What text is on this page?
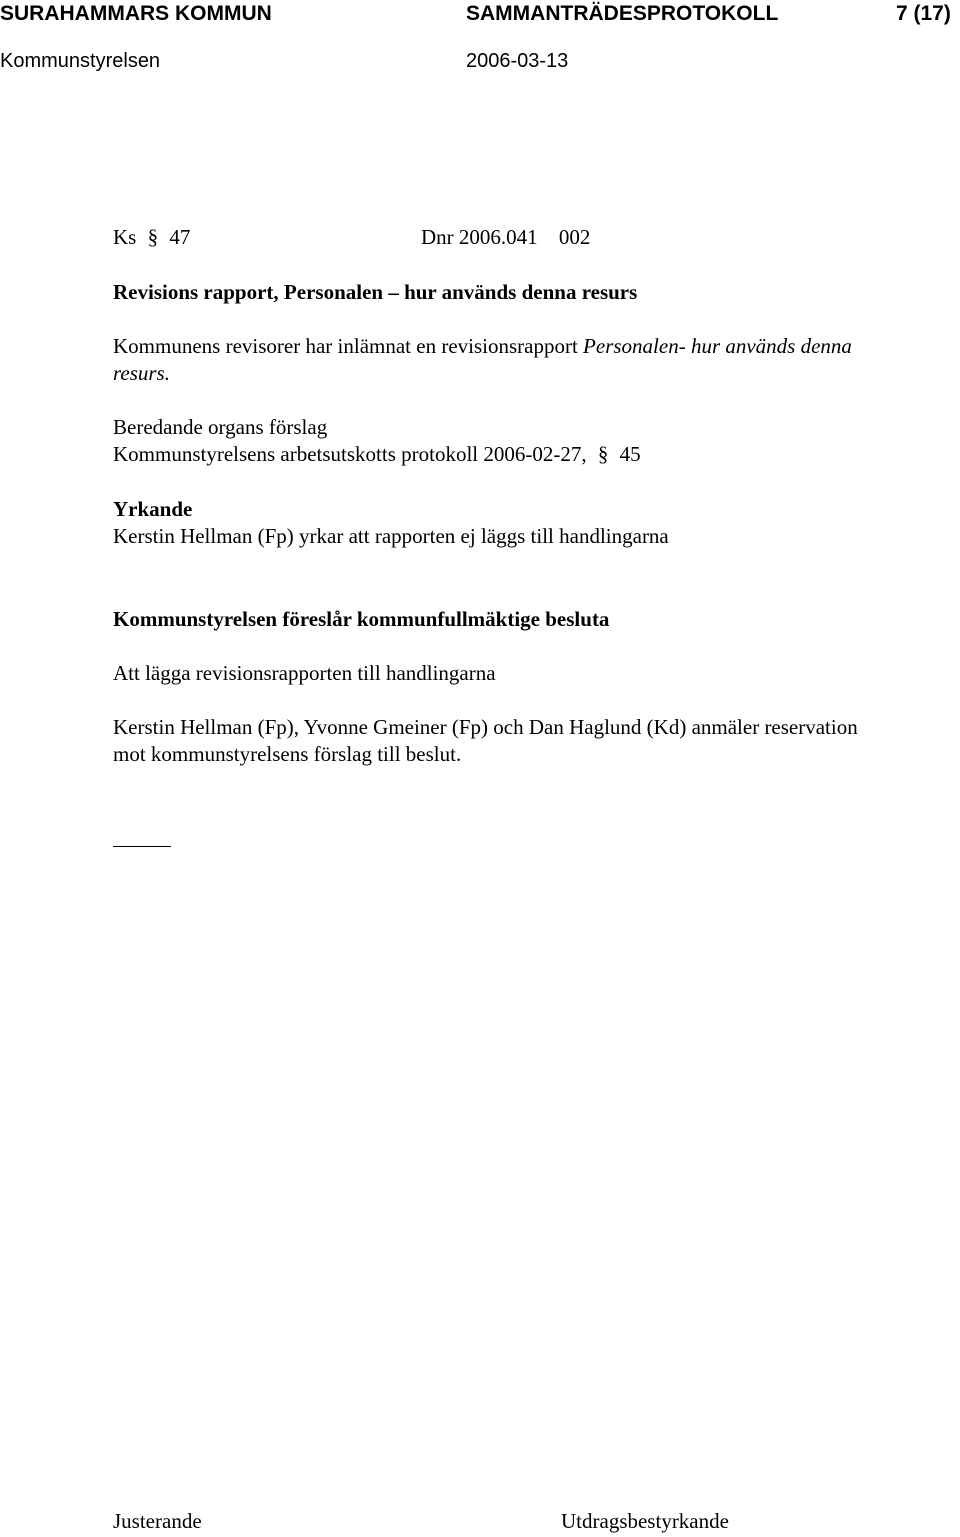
SURAHAMMARS KOMMUN	SAMMANTRÄDESPROTOKOLL	7 (17)
Kommunstyrelsen	2006-03-13
Ks § 47	Dnr 2006.041 002
Revisions rapport, Personalen – hur används denna resurs
Kommunens revisorer har inlämnat en revisionsrapport Personalen- hur används denna
resurs.
Beredande organs förslag
Kommunstyrelsens arbetsutskotts protokoll 2006-02-27, § 45
Yrkande
Kerstin Hellman (Fp) yrkar att rapporten ej läggs till handlingarna
Kommunstyrelsen föreslår kommunfullmäktige besluta
Att lägga revisionsrapporten till handlingarna
Kerstin Hellman (Fp), Yvonne Gmeiner (Fp) och Dan Haglund (Kd) anmäler reservation
mot kommunstyrelsens förslag till beslut.
Justerande	Utdragsbestyrkande
